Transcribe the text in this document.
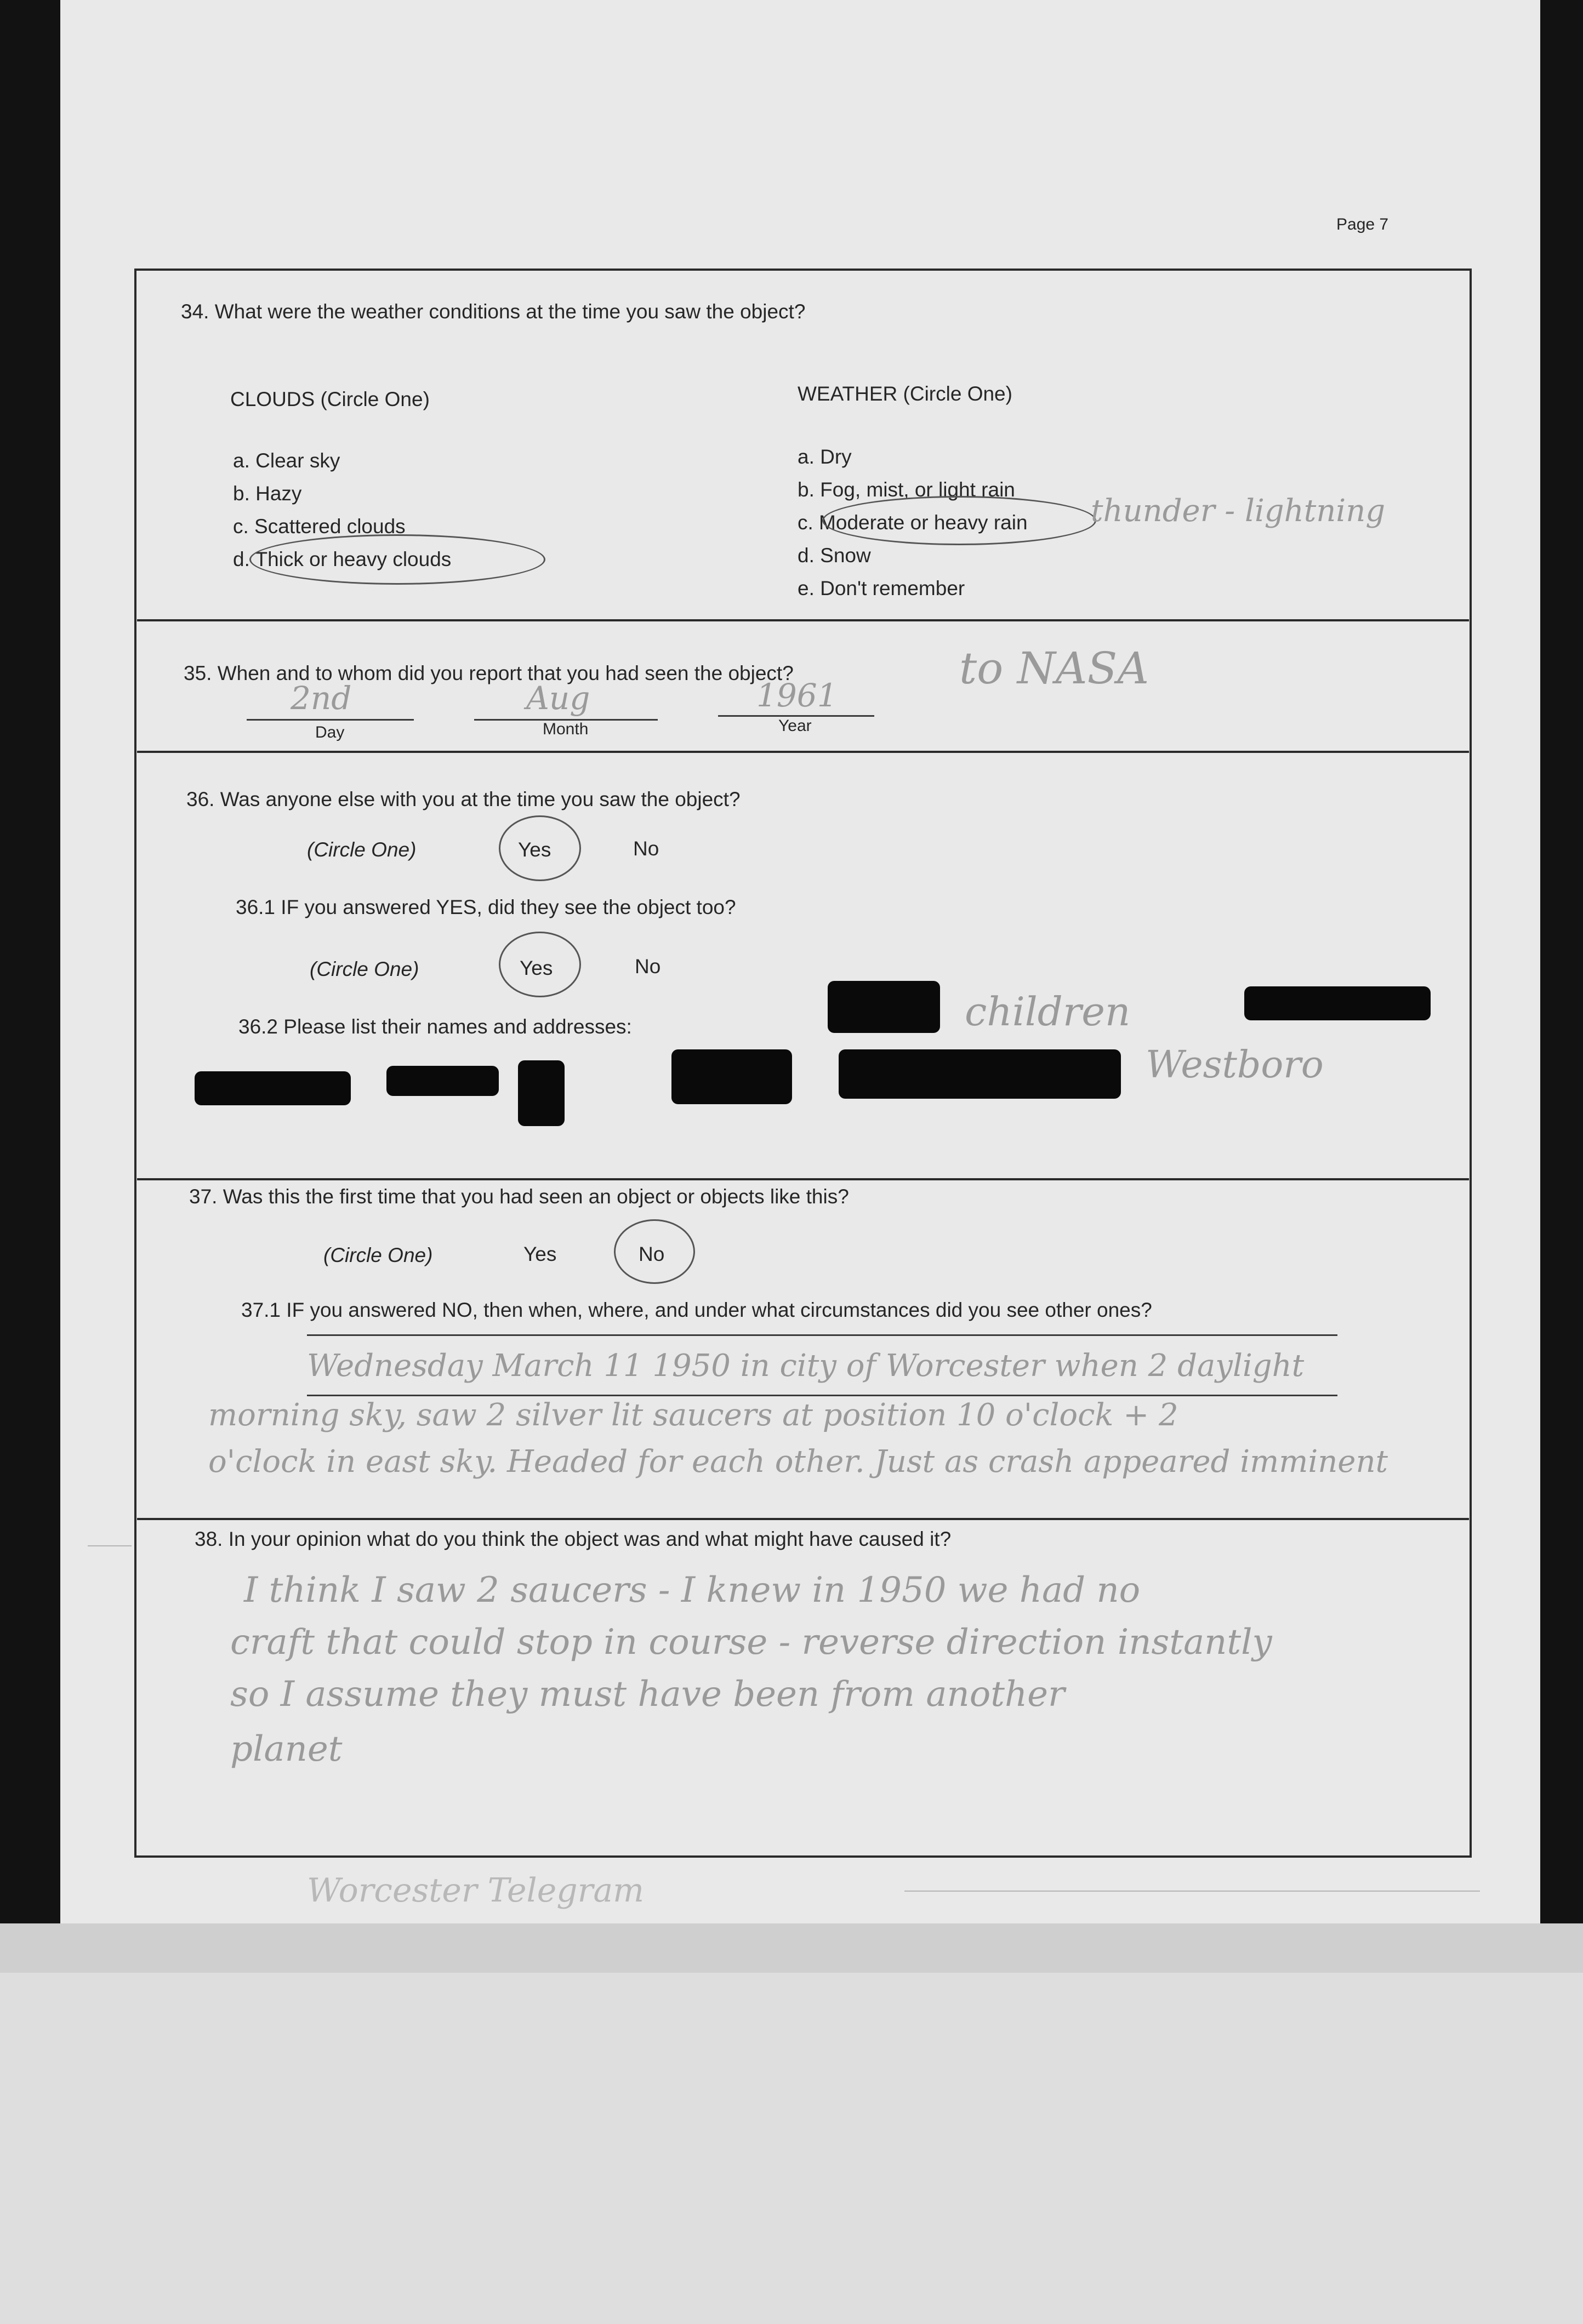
Page 7
34. What were the weather conditions at the time you saw the object?
CLOUDS (Circle One)
a. Clear sky
b. Hazy
c. Scattered clouds
d. Thick or heavy clouds
WEATHER (Circle One)
a. Dry
b. Fog, mist, or light rain
c. Moderate or heavy rain
d. Snow
e. Don't remember
thunder - lightning
35. When and to whom did you report that you had seen the object?	to NASA
2nd	Aug	1961
Day	Month	Year
36. Was anyone else with you at the time you saw the object?
(Circle One)	Yes	No
36.1 IF you answered YES, did they see the object too?
(Circle One)	Yes	No
36.2 Please list their names and addresses:	children
Westboro
37. Was this the first time that you had seen an object or objects like this?
(Circle One)	Yes	No
37.1 IF you answered NO, then when, where, and under what circumstances did you see other ones?
Wednesday March 11 1950 in city of Worcester when 2 daylight
morning sky, saw 2 silver lit saucers at position 10 o'clock + 2
o'clock in east sky. Headed for each other. Just as crash appeared imminent
38. In your opinion what do you think the object was and what might have caused it?
I think I saw 2 saucers - I knew in 1950 we had no
craft that could stop in course - reverse direction instantly
so I assume they must have been from another
planet
Worcester Telegram
